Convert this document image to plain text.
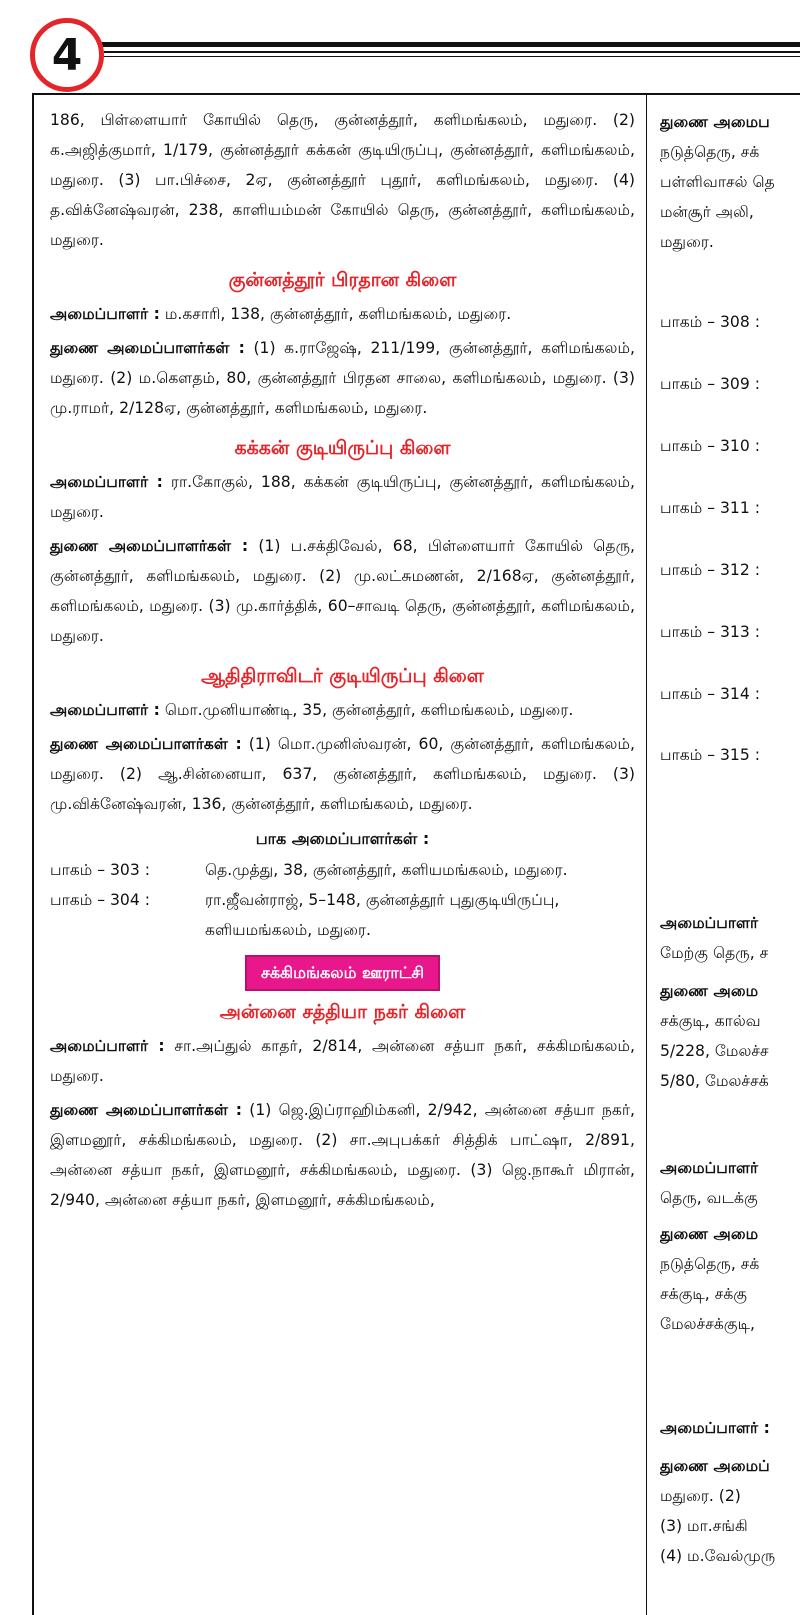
4

186, பிள்ளையார் கோயில் தெரு, குன்னத்தூர், களிமங்கலம், மதுரை. (2) க.அஜித்குமார், 1/179, குன்னத்தூர் கக்கன் குடியிருப்பு, குன்னத்தூர், களிமங்கலம், மதுரை. (3) பா.பிச்சை, 2ஏ, குன்னத்தூர் புதூர், களிமங்கலம், மதுரை. (4) த.விக்னேஷ்வரன், 238, காளியம்மன் கோயில் தெரு, குன்னத்தூர், களிமங்கலம், மதுரை.

குன்னத்தூர் பிரதான கிளை

அமைப்பாளர் : ம.கசாரி, 138, குன்னத்தூர், களிமங்கலம், மதுரை.

துணை அமைப்பாளர்கள் : (1) க.ராஜேஷ், 211/199, குன்னத்தூர், களிமங்கலம், மதுரை. (2) ம.கௌதம், 80, குன்னத்தூர் பிரதன சாலை, களிமங்கலம், மதுரை. (3) மு.ராமர், 2/128ஏ, குன்னத்தூர், களிமங்கலம், மதுரை.

கக்கன் குடியிருப்பு கிளை

அமைப்பாளர் : ரா.கோகுல், 188, கக்கன் குடியிருப்பு, குன்னத்தூர், களிமங்கலம், மதுரை.

துணை அமைப்பாளர்கள் : (1) ப.சக்திவேல், 68, பிள்ளையார் கோயில் தெரு, குன்னத்தூர், களிமங்கலம், மதுரை. (2) மு.லட்சுமணன், 2/168ஏ, குன்னத்தூர், களிமங்கலம், மதுரை. (3) மு.கார்த்திக், 60–சாவடி தெரு, குன்னத்தூர், களிமங்கலம், மதுரை.

ஆதிதிராவிடர் குடியிருப்பு கிளை

அமைப்பாளர் : மொ.முனியாண்டி, 35, குன்னத்தூர், களிமங்கலம், மதுரை.

துணை அமைப்பாளர்கள் : (1) மொ.முனிஸ்வரன், 60, குன்னத்தூர், களிமங்கலம், மதுரை. (2) ஆ.சின்னையா, 637, குன்னத்தூர், களிமங்கலம், மதுரை. (3) மு.விக்னேஷ்வரன், 136, குன்னத்தூர், களிமங்கலம், மதுரை.

பாக அமைப்பாளர்கள் :
பாகம் – 303 :	தெ.முத்து, 38, குன்னத்தூர், களியமங்கலம், மதுரை.
பாகம் – 304 :	ரா.ஜீவன்ராஜ், 5–148, குன்னத்தூர் புதுகுடியிருப்பு, களியமங்கலம், மதுரை.
சக்கிமங்கலம் ஊராட்சி
அன்னை சத்தியா நகர் கிளை

அமைப்பாளர் : சா.அப்துல் காதர், 2/814, அன்னை சத்யா நகர், சக்கிமங்கலம், மதுரை.

துணை அமைப்பாளர்கள் : (1) ஜெ.இப்ராஹிம்கனி, 2/942, அன்னை சத்யா நகர், இளமனூர், சக்கிமங்கலம், மதுரை. (2) சா.அபுபக்கர் சித்திக் பாட்ஷா, 2/891, அன்னை சத்யா நகர், இளமனூர், சக்கிமங்கலம், மதுரை. (3) ஜெ.நாகூர் மிரான், 2/940, அன்னை சத்யா நகர், இளமனூர், சக்கிமங்கலம்,

துணை அமைப
நடுத்தெரு, சக்
பள்ளிவாசல் தெ
மன்சூர் அலி,
மதுரை.
பாகம் – 308 :
பாகம் – 309 :
பாகம் – 310 :
பாகம் – 311 :
பாகம் – 312 :
பாகம் – 313 :
பாகம் – 314 :
பாகம் – 315 :
அமைப்பாளர்
மேற்கு தெரு, ச
துணை அமை
சக்குடி, கால்வ
5/228, மேலச்ச
5/80, மேலச்சக்
அமைப்பாளர்
தெரு, வடக்கு
துணை அமை
நடுத்தெரு, சக்
சக்குடி, சக்கு
மேலச்சக்குடி,
அமைப்பாளர் :
துணை அமைப்
மதுரை. (2)
(3) மா.சங்கி
(4) ம.வேல்முரு
